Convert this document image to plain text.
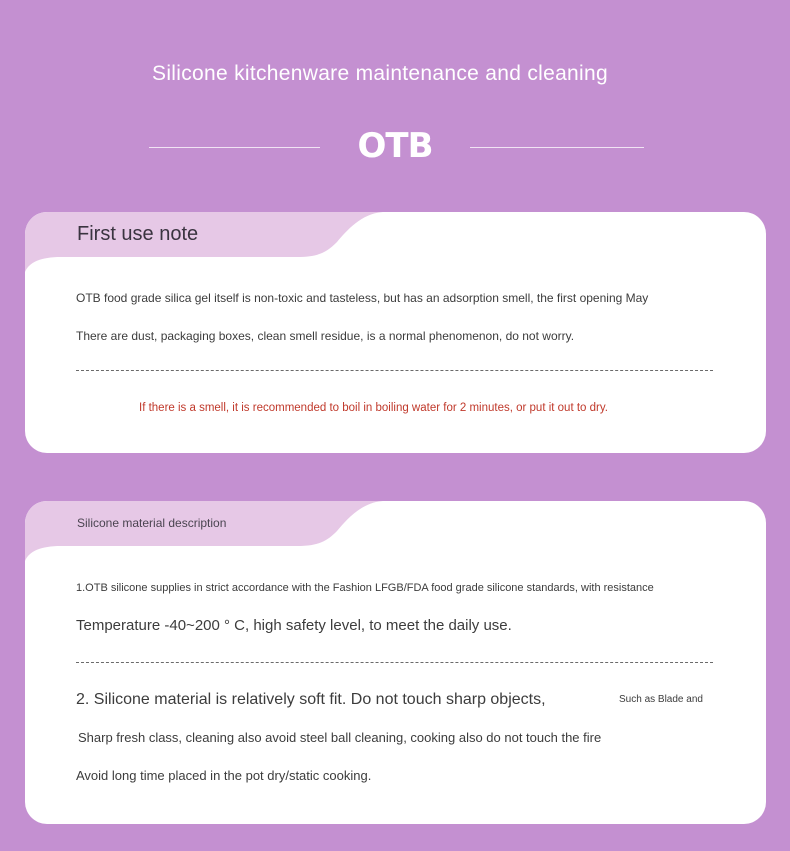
Silicone kitchenware maintenance and cleaning
OTB
First use note
OTB food grade silica gel itself is non-toxic and tasteless, but has an adsorption smell, the first opening May
There are dust, packaging boxes, clean smell residue, is a normal phenomenon, do not worry.
If there is a smell, it is recommended to boil in boiling water for 2 minutes, or put it out to dry.
Silicone material description
1.OTB silicone supplies in strict accordance with the Fashion LFGB/FDA food grade silicone standards, with resistance
Temperature -40~200 ° C, high safety level, to meet the daily use.
2. Silicone material is relatively soft fit. Do not touch sharp objects,	Such as Blade and
Sharp fresh class, cleaning also avoid steel ball cleaning, cooking also do not touch the fire
Avoid long time placed in the pot dry/static cooking.
